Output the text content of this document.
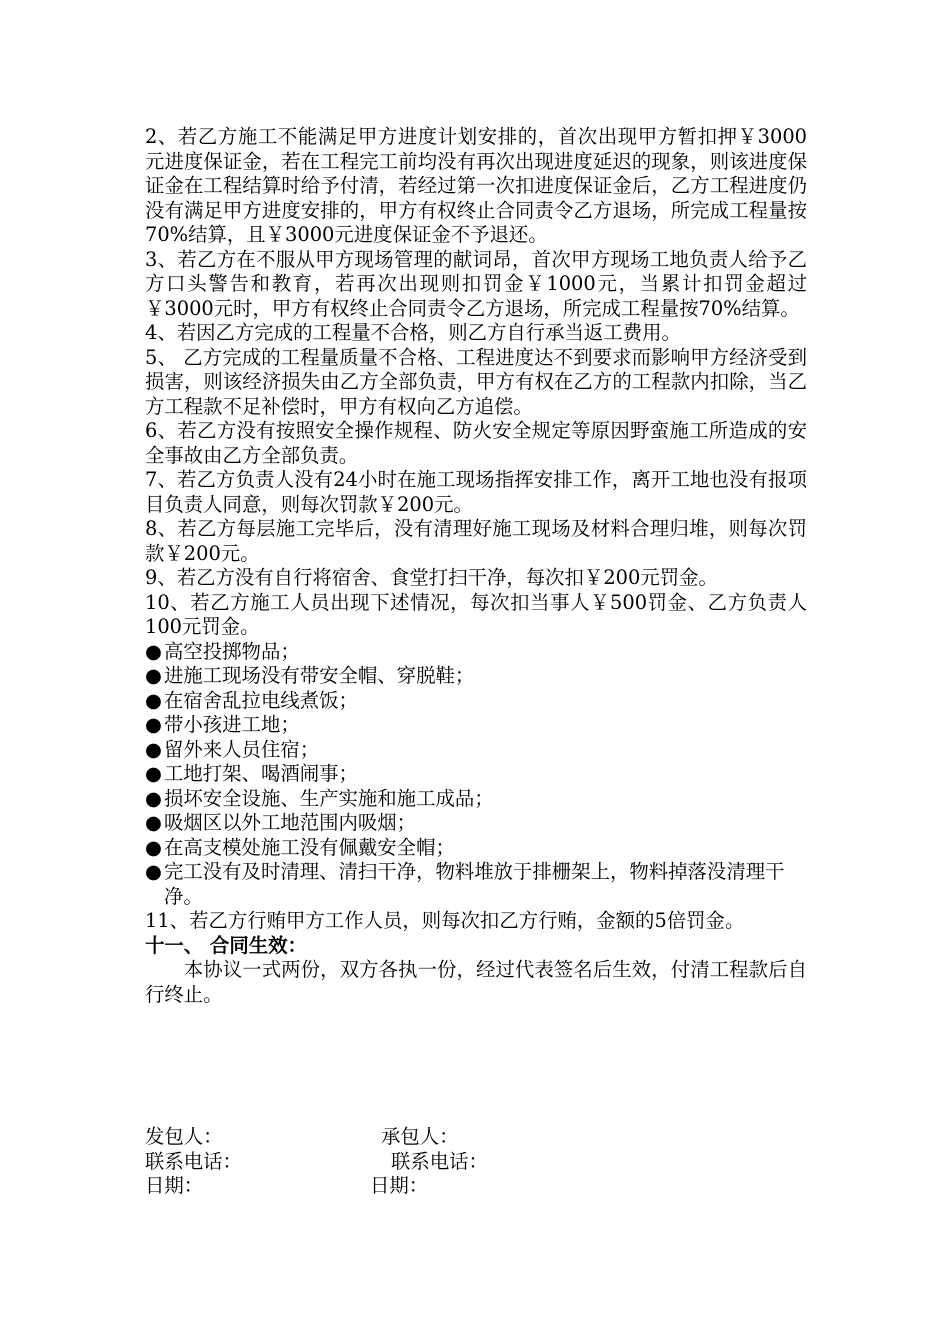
2、若乙方施工不能满足甲方进度计划安排的，首次出现甲方暂扣押￥3000元进度保证金，若在工程完工前均没有再次出现进度延迟的现象，则该进度保证金在工程结算时给予付清，若经过第一次扣进度保证金后，乙方工程进度仍没有满足甲方进度安排的，甲方有权终止合同责令乙方退场，所完成工程量按70%结算，且￥3000元进度保证金不予退还。

3、若乙方在不服从甲方现场管理的献词昂，首次甲方现场工地负责人给予乙方口头警告和教育，若再次出现则扣罚金￥1000元，当累计扣罚金超过￥3000元时，甲方有权终止合同责令乙方退场，所完成工程量按70%结算。

4、若因乙方完成的工程量不合格，则乙方自行承当返工费用。

5、 乙方完成的工程量质量不合格、工程进度达不到要求而影响甲方经济受到损害，则该经济损失由乙方全部负责，甲方有权在乙方的工程款内扣除，当乙方工程款不足补偿时，甲方有权向乙方追偿。

6、若乙方没有按照安全操作规程、防火安全规定等原因野蛮施工所造成的安全事故由乙方全部负责。

7、若乙方负责人没有24小时在施工现场指挥安排工作，离开工地也没有报项目负责人同意，则每次罚款￥200元。

8、若乙方每层施工完毕后，没有清理好施工现场及材料合理归堆，则每次罚款￥200元。

9、若乙方没有自行将宿舍、食堂打扫干净，每次扣￥200元罚金。

10、若乙方施工人员出现下述情况，每次扣当事人￥500罚金、乙方负责人100元罚金。

● 高空投掷物品；
● 进施工现场没有带安全帽、穿脱鞋；
● 在宿舍乱拉电线煮饭；
● 带小孩进工地；
● 留外来人员住宿；
● 工地打架、喝酒闹事；
● 损坏安全设施、生产实施和施工成品；
● 吸烟区以外工地范围内吸烟；
● 在高支模处施工没有佩戴安全帽；
● 完工没有及时清理、清扫干净，物料堆放于排栅架上，物料掉落没清理干净。

11、若乙方行贿甲方工作人员，则每次扣乙方行贿，金额的5倍罚金。

十一、 合同生效：

本协议一式两份，双方各执一份，经过代表签名后生效，付清工程款后自行终止。

发包人：	承包人：
联系电话：	联系电话：
日期：	日期：
